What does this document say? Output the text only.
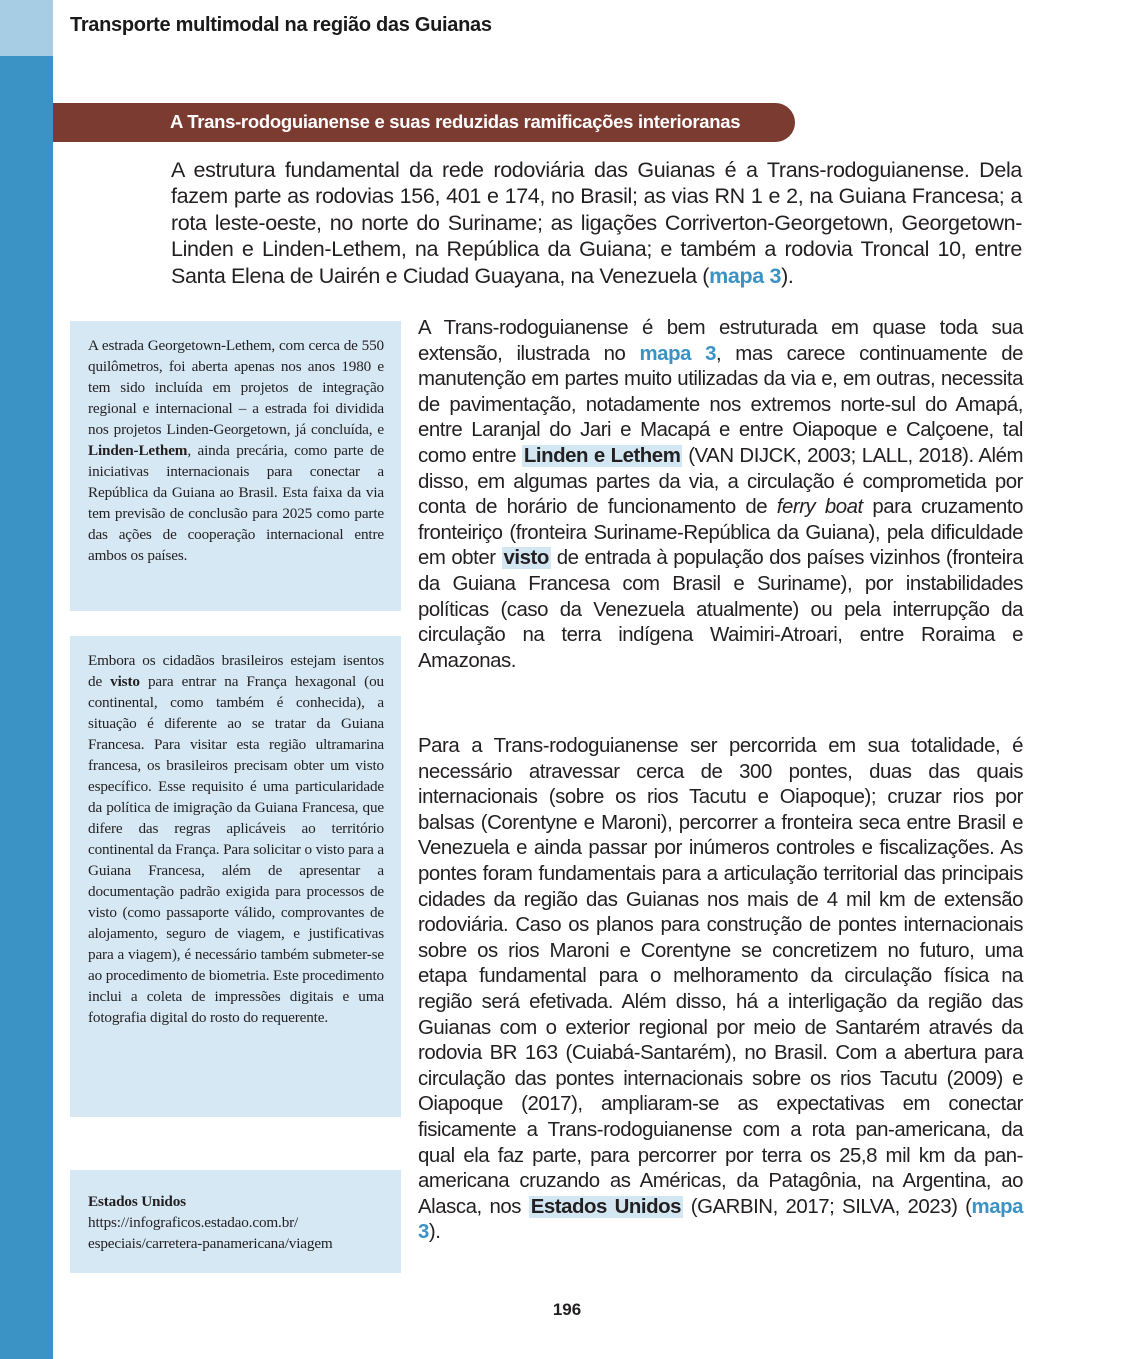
Transporte multimodal na região das Guianas
A Trans-rodoguianense e suas reduzidas ramificações interioranas
A estrutura fundamental da rede rodoviária das Guianas é a Trans-rodoguianense. Dela fazem parte as rodovias 156, 401 e 174, no Brasil; as vias RN 1 e 2, na Guiana Francesa; a rota leste-oeste, no norte do Suriname; as ligações Corriverton-Georgetown, Georgetown-Linden e Linden-Lethem, na República da Guiana; e também a rodovia Troncal 10, entre Santa Elena de Uairén e Ciudad Guayana, na Venezuela (mapa 3).

A estrada Georgetown-Lethem, com cerca de 550 quilômetros, foi aberta apenas nos anos 1980 e tem sido incluída em projetos de integração regional e internacional – a estrada foi dividida nos projetos Linden-Georgetown, já concluída, e Linden-Lethem, ainda precária, como parte de iniciativas internacionais para conectar a República da Guiana ao Brasil. Esta faixa da via tem previsão de conclusão para 2025 como parte das ações de cooperação internacional entre ambos os países.

Embora os cidadãos brasileiros estejam isentos de visto para entrar na França hexagonal (ou continental, como também é conhecida), a situação é diferente ao se tratar da Guiana Francesa. Para visitar esta região ultramarina francesa, os brasileiros precisam obter um visto específico. Esse requisito é uma particularidade da política de imigração da Guiana Francesa, que difere das regras aplicáveis ao território continental da França. Para solicitar o visto para a Guiana Francesa, além de apresentar a documentação padrão exigida para processos de visto (como passaporte válido, comprovantes de alojamento, seguro de viagem, e justificativas para a viagem), é necessário também submeter-se ao procedimento de biometria. Este procedimento inclui a coleta de impressões digitais e uma fotografia digital do rosto do requerente.

Estados Unidos

https://infograficos.estadao.com.br/
especiais/carretera-panamericana/viagem

A Trans-rodoguianense é bem estruturada em quase toda sua extensão, ilustrada no mapa 3, mas carece continuamente de manutenção em partes muito utilizadas da via e, em outras, necessita de pavimentação, notadamente nos extremos norte-sul do Amapá, entre Laranjal do Jari e Macapá e entre Oiapoque e Calçoene, tal como entre Linden e Lethem (VAN DIJCK, 2003; LALL, 2018). Além disso, em algumas partes da via, a circulação é comprometida por conta de horário de funcionamento de ferry boat para cruzamento fronteiriço (fronteira Suriname-República da Guiana), pela dificuldade em obter visto de entrada à população dos países vizinhos (fronteira da Guiana Francesa com Brasil e Suriname), por instabilidades políticas (caso da Venezuela atualmente) ou pela interrupção da circulação na terra indígena Waimiri-Atroari, entre Roraima e Amazonas.

Para a Trans-rodoguianense ser percorrida em sua totalidade, é necessário atravessar cerca de 300 pontes, duas das quais internacionais (sobre os rios Tacutu e Oiapoque); cruzar rios por balsas (Corentyne e Maroni), percorrer a fronteira seca entre Brasil e Venezuela e ainda passar por inúmeros controles e fiscalizações. As pontes foram fundamentais para a articulação territorial das principais cidades da região das Guianas nos mais de 4 mil km de extensão rodoviária. Caso os planos para construção de pontes internacionais sobre os rios Maroni e Corentyne se concretizem no futuro, uma etapa fundamental para o melhoramento da circulação física na região será efetivada. Além disso, há a interligação da região das Guianas com o exterior regional por meio de Santarém através da rodovia BR 163 (Cuiabá-Santarém), no Brasil. Com a abertura para circulação das pontes internacionais sobre os rios Tacutu (2009) e Oiapoque (2017), ampliaram-se as expectativas em conectar fisicamente a Trans-rodoguianense com a rota pan-americana, da qual ela faz parte, para percorrer por terra os 25,8 mil km da pan-americana cruzando as Américas, da Patagônia, na Argentina, ao Alasca, nos Estados Unidos (GARBIN, 2017; SILVA, 2023) (mapa 3).

196
